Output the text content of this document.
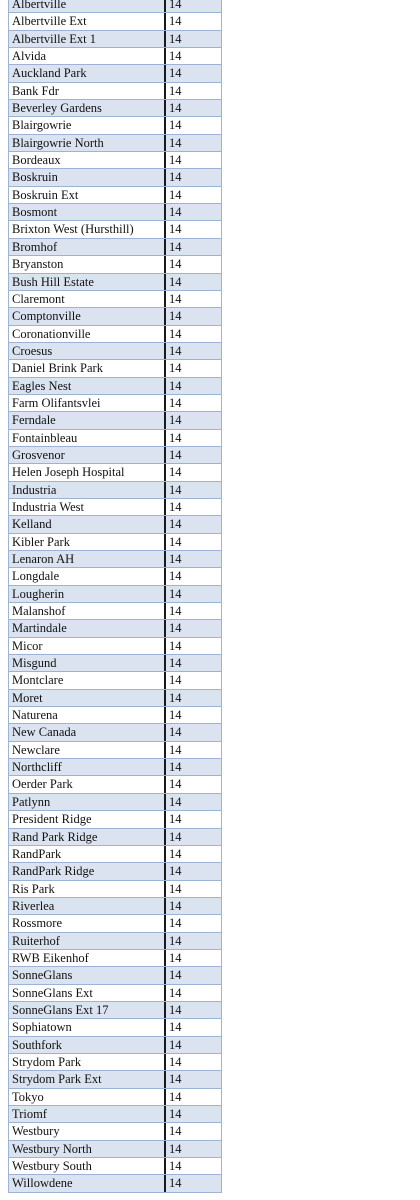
Albertville	14
Albertville Ext	14
Albertville Ext 1	14
Alvida	14
Auckland Park	14
Bank Fdr	14
Beverley Gardens	14
Blairgowrie	14
Blairgowrie North	14
Bordeaux	14
Boskruin	14
Boskruin Ext	14
Bosmont	14
Brixton West (Hursthill)	14
Bromhof	14
Bryanston	14
Bush Hill Estate	14
Claremont	14
Comptonville	14
Coronationville	14
Croesus	14
Daniel Brink Park	14
Eagles Nest	14
Farm Olifantsvlei	14
Ferndale	14
Fontainbleau	14
Grosvenor	14
Helen Joseph Hospital	14
Industria	14
Industria West	14
Kelland	14
Kibler Park	14
Lenaron AH	14
Longdale	14
Lougherin	14
Malanshof	14
Martindale	14
Micor	14
Misgund	14
Montclare	14
Moret	14
Naturena	14
New Canada	14
Newclare	14
Northcliff	14
Oerder Park	14
Patlynn	14
President Ridge	14
Rand Park Ridge	14
RandPark	14
RandPark Ridge	14
Ris Park	14
Riverlea	14
Rossmore	14
Ruiterhof	14
RWB Eikenhof	14
SonneGlans	14
SonneGlans Ext	14
SonneGlans Ext 17	14
Sophiatown	14
Southfork	14
Strydom Park	14
Strydom Park Ext	14
Tokyo	14
Triomf	14
Westbury	14
Westbury North	14
Westbury South	14
Willowdene	14
